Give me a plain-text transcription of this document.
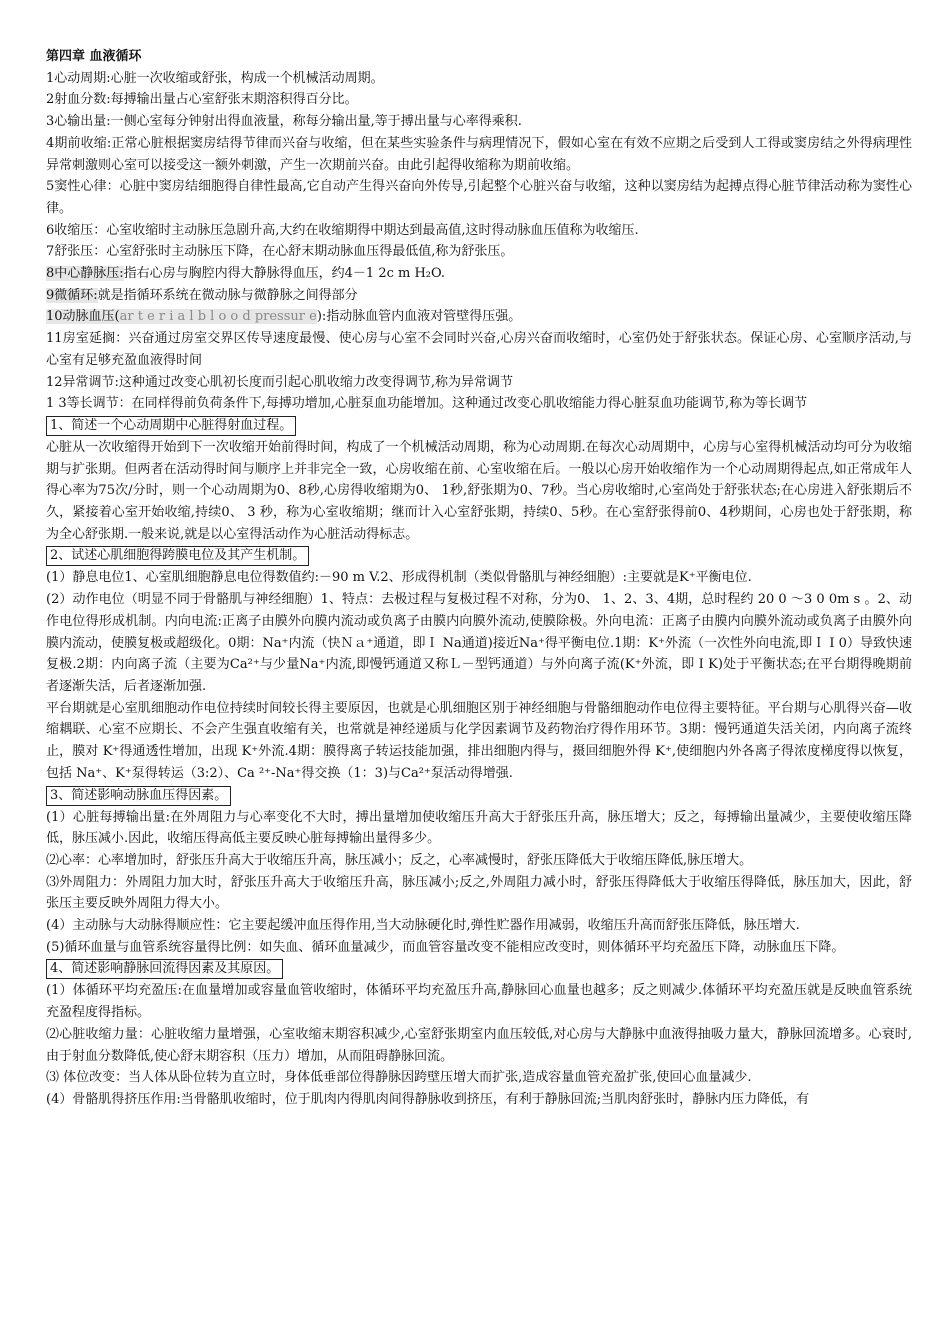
第四章 血液循环
1心动周期:心脏一次收缩或舒张，构成一个机械活动周期。
2射血分数:每搏输出量占心室舒张末期溶积得百分比。
3心输出量:一侧心室每分钟射出得血液量，称每分输出量,等于搏出量与心率得乘积.
4期前收缩:正常心脏根据窦房结得节律而兴奋与收缩，但在某些实验条件与病理情况下，假如心室在有效不应期之后受到人工得或窦房结之外得病理性异常刺激则心室可以接受这一额外刺激，产生一次期前兴奋。由此引起得收缩称为期前收缩。
5窦性心律：心脏中窦房结细胞得自律性最高,它自动产生得兴奋向外传导,引起整个心脏兴奋与收缩，这种以窦房结为起搏点得心脏节律活动称为窦性心律。
6收缩压：心室收缩时主动脉压急剧升高,大约在收缩期得中期达到最高值,这时得动脉血压值称为收缩压.
7舒张压：心室舒张时主动脉压下降，在心舒末期动脉血压得最低值,称为舒张压。
8中心静脉压:指右心房与胸腔内得大静脉得血压，约4－1 2c m H₂O.
9微循环:就是指循环系统在微动脉与微静脉之间得部分
10动脉血压(ar t e r i a l b l o o d pressur e):指动脉血管内血液对管壁得压强。
11房室延搁：兴奋通过房室交界区传导速度最慢、使心房与心室不会同时兴奋,心房兴奋而收缩时，心室仍处于舒张状态。保证心房、心室顺序活动,与心室有足够充盈血液得时间
12异常调节:这种通过改变心肌初长度而引起心肌收缩力改变得调节,称为异常调节
1 3等长调节：在同样得前负荷条件下,每搏功增加,心脏泵血功能增加。这种通过改变心肌收缩能力得心脏泵血功能调节,称为等长调节
1、简述一个心动周期中心脏得射血过程。
心脏从一次收缩得开始到下一次收缩开始前得时间，构成了一个机械活动周期，称为心动周期.在每次心动周期中，心房与心室得机械活动均可分为收缩期与扩张期。但两者在活动得时间与顺序上并非完全一致，心房收缩在前、心室收缩在后。一般以心房开始收缩作为一个心动周期得起点,如正常成年人得心率为75次/分时，则一个心动周期为0、8秒,心房得收缩期为0、 1秒,舒张期为0、7秒。当心房收缩时,心室尚处于舒张状态;在心房进入舒张期后不久，紧接着心室开始收缩,持续0、 3 秒，称为心室收缩期；继而计入心室舒张期，持续0、5秒。在心室舒张得前0、4秒期间，心房也处于舒张期，称为全心舒张期.一般来说,就是以心室得活动作为心脏活动得标志。
2、试述心肌细胞得跨膜电位及其产生机制。
(1）静息电位1、心室肌细胞静息电位得数值约:－90 m V.2、形成得机制（类似骨骼肌与神经细胞）:主要就是K⁺平衡电位.
(2）动作电位（明显不同于骨骼肌与神经细胞）1、特点：去极过程与复极过程不对称，分为0、 1、2、3、4期，总时程约 20 0 ～3 0 0m s 。2、动作电位得形成机制。内向电流:正离子由膜外向膜内流动或负离子由膜内向膜外流动,使膜除极。外向电流：正离子由膜内向膜外流动或负离子由膜外向膜内流动，使膜复极或超级化。0期：Na⁺内流（快Ｎａ⁺通道，即Ｉ Na通道)接近Na⁺得平衡电位.1期：K⁺外流（一次性外向电流,即Ｉ I 0）导致快速复极.2期：内向离子流（主要为Ca²⁺与少量Na⁺内流,即慢钙通道又称Ｌ－型钙通道）与外向离子流(K⁺外流，即 I K)处于平衡状态;在平台期得晚期前者逐渐失活，后者逐渐加强.
平台期就是心室肌细胞动作电位持续时间较长得主要原因，也就是心肌细胞区别于神经细胞与骨骼细胞动作电位得主要特征。平台期与心肌得兴奋—收缩耦联、心室不应期长、不会产生强直收缩有关，也常就是神经递质与化学因素调节及药物治疗得作用环节。3期：慢钙通道失活关闭，内向离子流终止，膜对 K⁺得通透性增加，出现 K⁺外流.4期：膜得离子转运技能加强，排出细胞内得与，摄回细胞外得 K⁺,使细胞内外各离子得浓度梯度得以恢复，包括 Na⁺、K⁺泵得转运（3:2）、Ca ²⁺-Na⁺得交换（1：3)与Ca²⁺泵活动得增强.
3、简述影响动脉血压得因素。
(1）心脏每搏输出量:在外周阻力与心率变化不大时，搏出量增加使收缩压升高大于舒张压升高，脉压增大；反之，每搏输出量减少，主要使收缩压降低，脉压减小.因此，收缩压得高低主要反映心脏每搏输出量得多少。
⑵心率：心率增加时，舒张压升高大于收缩压升高，脉压减小；反之，心率减慢时，舒张压降低大于收缩压降低,脉压增大。
⑶外周阻力：外周阻力加大时，舒张压升高大于收缩压升高，脉压减小;反之,外周阻力减小时，舒张压得降低大于收缩压得降低，脉压加大，因此，舒张压主要反映外周阻力得大小。
(4）主动脉与大动脉得顺应性：它主要起缓冲血压得作用,当大动脉硬化时,弹性贮器作用减弱，收缩压升高而舒张压降低，脉压增大.
(5)循环血量与血管系统容量得比例：如失血、循环血量减少，而血管容量改变不能相应改变时，则体循环平均充盈压下降，动脉血压下降。
4、简述影响静脉回流得因素及其原因。
(1）体循环平均充盈压:在血量增加或容量血管收缩时，体循环平均充盈压升高,静脉回心血量也越多；反之则减少.体循环平均充盈压就是反映血管系统充盈程度得指标。
⑵心脏收缩力量：心脏收缩力量增强，心室收缩末期容积减少,心室舒张期室内血压较低,对心房与大静脉中血液得抽吸力量大，静脉回流增多。心衰时,由于射血分数降低,使心舒末期容积（压力）增加，从而阻碍静脉回流。
⑶ 体位改变：当人体从卧位转为直立时，身体低垂部位得静脉因跨壁压增大而扩张,造成容量血管充盈扩张,使回心血量减少.
(4）骨骼肌得挤压作用:当骨骼肌收缩时，位于肌肉内得肌肉间得静脉收到挤压，有利于静脉回流;当肌肉舒张时，静脉内压力降低，有
